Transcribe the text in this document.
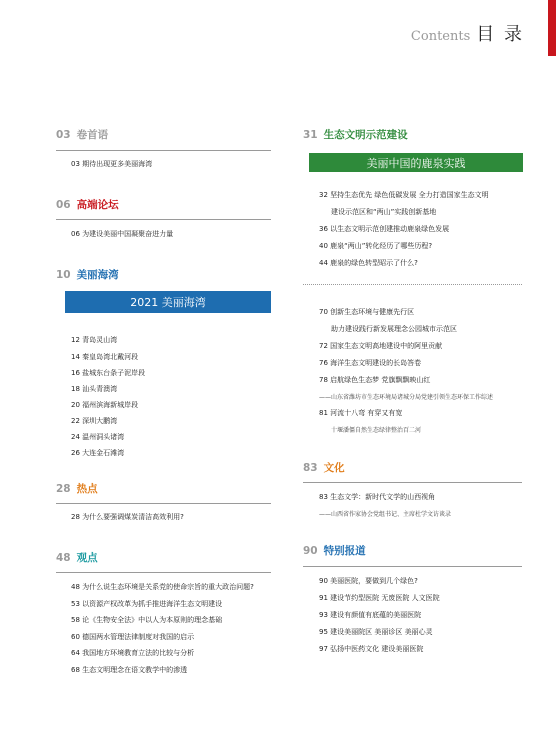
Contents 目 录
03 卷首语
03 期待出现更多美丽海湾
06 高端论坛
06 为建设美丽中国凝聚奋进力量
10 美丽海湾
2021 美丽海湾
12 青岛灵山湾
14 秦皇岛湾北戴河段
16 盐城东台条子泥岸段
18 汕头青澳湾
20 福州滨海新城岸段
22 深圳大鹏湾
24 温州洞头诸湾
26 大连金石滩湾
28 热点
28 为什么要强调煤炭清洁高效利用?
48 观点
48 为什么说生态环境是关系党的使命宗旨的重大政治问题?
53 以资源产权改革为抓手推进海洋生态文明建设
58 论《生物安全法》中以人为本原则的理念基础
60 德国两水管理法律制度对我国的启示
64 我国地方环境教育立法的比较与分析
68 生态文明理念在语文教学中的渗透
31 生态文明示范建设
美丽中国的鹿泉实践
32 坚持生态优先 绿色低碳发展 全力打造国家生态文明
建设示范区和“两山”实践创新基地
36 以生态文明示范创建推动鹿泉绿色发展
40 鹿泉“两山”转化经历了哪些历程?
44 鹿泉的绿色转型昭示了什么?
70 创新生态环境与健康先行区
助力建设践行新发展理念公园城市示范区
72 国家生态文明高地建设中的阿里贡献
76 海洋生态文明建设的长岛答卷
78 启航绿色生态梦 党旗飘飘映山红
——山东省潍坊市生态环境局诸城分局党建引领生态环保工作综述
81 河流十八弯 有穿又有宽
十堰潘僵自然生态绿律整治百二河
83 文化
83 生态文学：新时代文学的山西视角
——山西省作家协会党组书记、主席杜学文访谈录
90 特别报道
90 美丽医院，要做到几个绿色?
91 建设节约型医院 无废医院 人文医院
93 建设有颜值有底蕴的美丽医院
95 建设美丽院区 美丽诊区 美丽心灵
97 弘扬中医药文化 建设美丽医院
